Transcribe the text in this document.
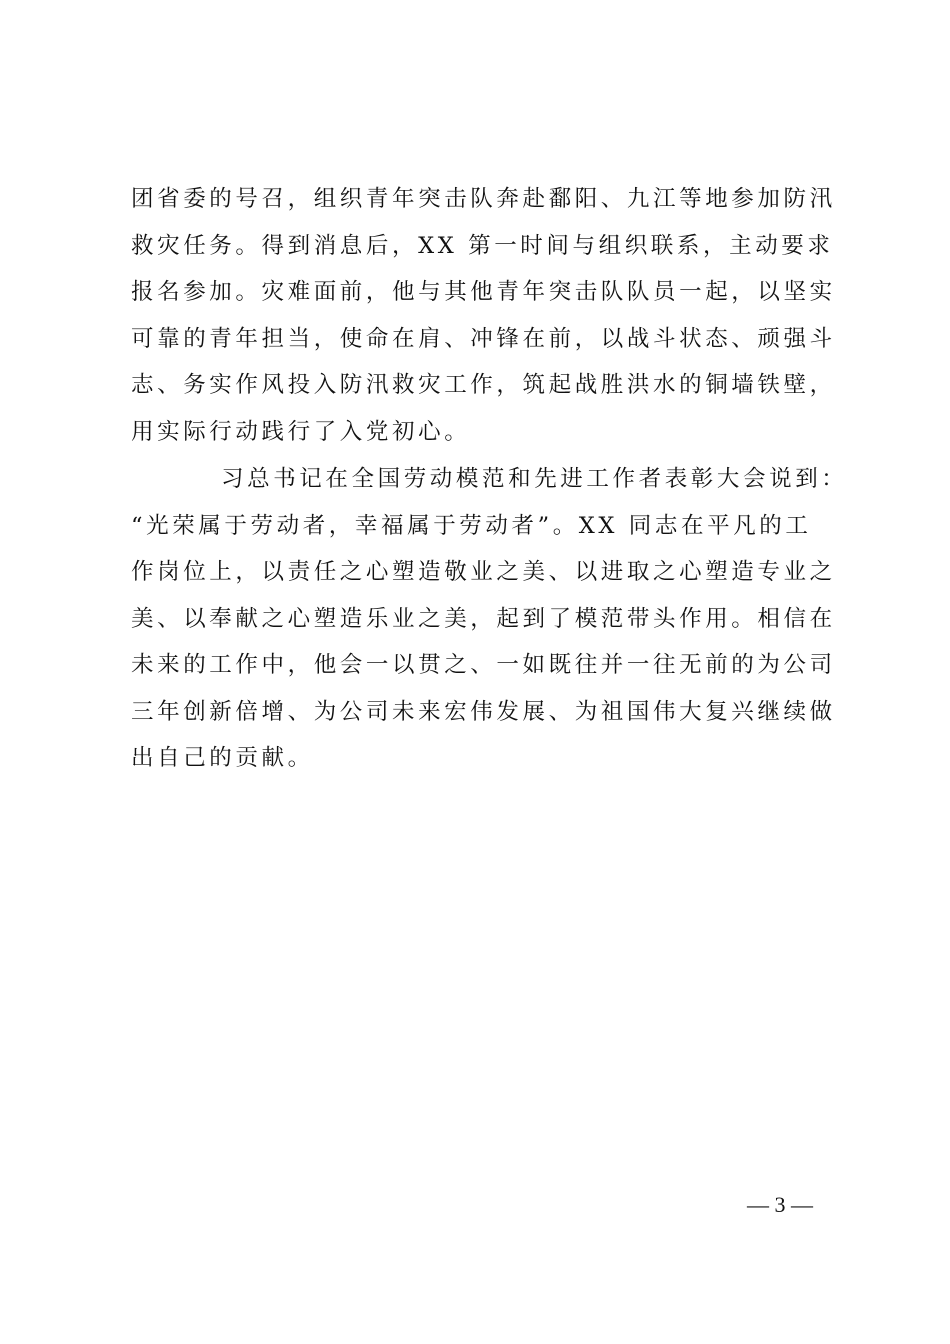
团省委的号召，组织青年突击队奔赴鄱阳、九江等地参加防汛
救灾任务。得到消息后，XX 第一时间与组织联系，主动要求
报名参加。灾难面前，他与其他青年突击队队员一起，以坚实
可靠的青年担当，使命在肩、冲锋在前，以战斗状态、顽强斗
志、务实作风投入防汛救灾工作，筑起战胜洪水的铜墙铁壁，
用实际行动践行了入党初心。
习总书记在全国劳动模范和先进工作者表彰大会说到：
“光荣属于劳动者，幸福属于劳动者”。XX 同志在平凡的工
作岗位上，以责任之心塑造敬业之美、以进取之心塑造专业之
美、以奉献之心塑造乐业之美，起到了模范带头作用。相信在
未来的工作中，他会一以贯之、一如既往并一往无前的为公司
三年创新倍增、为公司未来宏伟发展、为祖国伟大复兴继续做
出自己的贡献。
— 3 —
